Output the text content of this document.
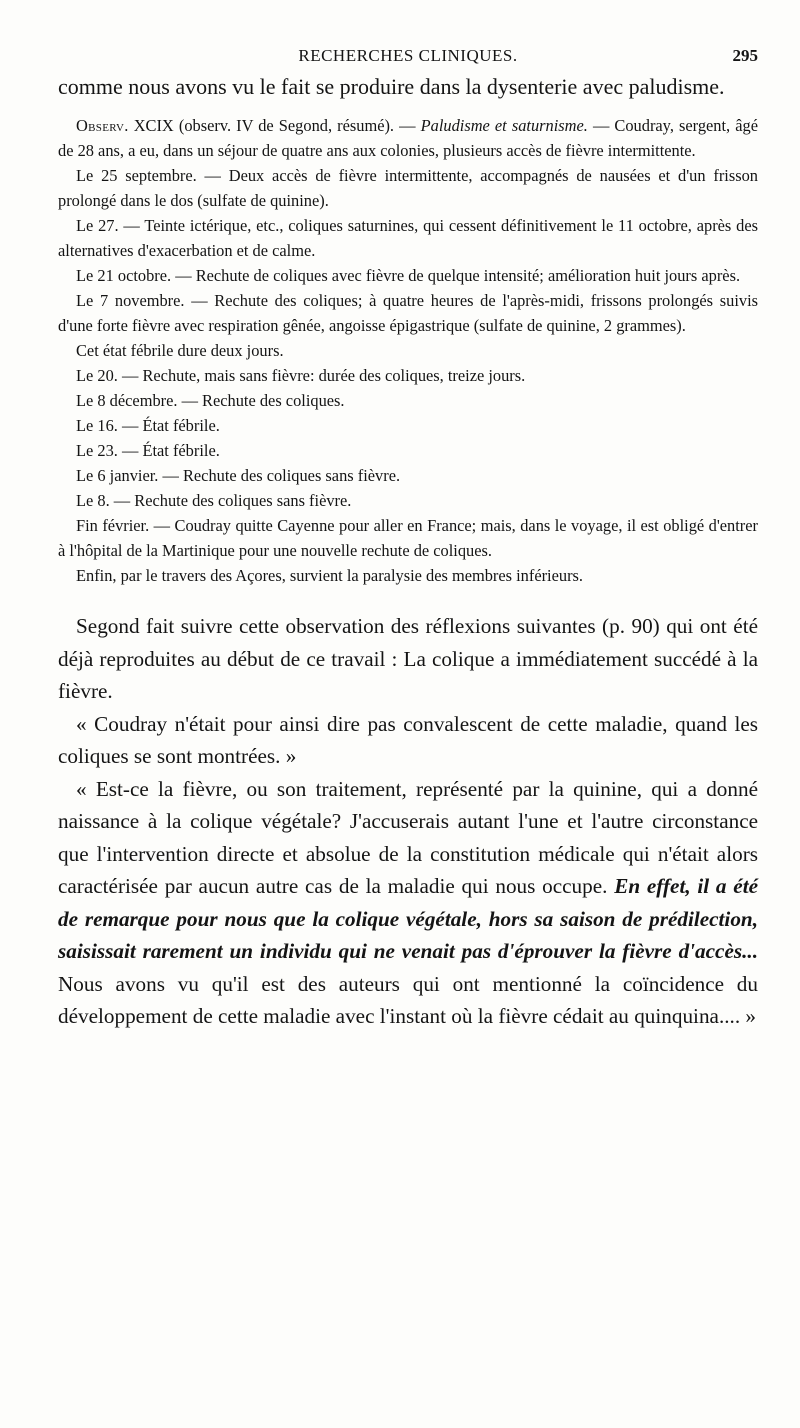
RECHERCHES CLINIQUES.	295

comme nous avons vu le fait se produire dans la dysenterie avec paludisme.

Observ. XCIX (observ. IV de Segond, résumé). — Paludisme et saturnisme. — Coudray, sergent, âgé de 28 ans, a eu, dans un séjour de quatre ans aux colonies, plusieurs accès de fièvre intermittente.

Le 25 septembre. — Deux accès de fièvre intermittente, accompagnés de nausées et d'un frisson prolongé dans le dos (sulfate de quinine).

Le 27. — Teinte ictérique, etc., coliques saturnines, qui cessent définitivement le 11 octobre, après des alternatives d'exacerbation et de calme.

Le 21 octobre. — Rechute de coliques avec fièvre de quelque intensité; amélioration huit jours après.

Le 7 novembre. — Rechute des coliques; à quatre heures de l'après-midi, frissons prolongés suivis d'une forte fièvre avec respiration gênée, angoisse épigastrique (sulfate de quinine, 2 grammes).

Cet état fébrile dure deux jours.

Le 20. — Rechute, mais sans fièvre: durée des coliques, treize jours.

Le 8 décembre. — Rechute des coliques.

Le 16. — État fébrile.

Le 23. — État fébrile.

Le 6 janvier. — Rechute des coliques sans fièvre.

Le 8. — Rechute des coliques sans fièvre.

Fin février. — Coudray quitte Cayenne pour aller en France; mais, dans le voyage, il est obligé d'entrer à l'hôpital de la Martinique pour une nouvelle rechute de coliques.

Enfin, par le travers des Açores, survient la paralysie des membres inférieurs.

Segond fait suivre cette observation des réflexions suivantes (p. 90) qui ont été déjà reproduites au début de ce travail : La colique a immédiatement succédé à la fièvre.

« Coudray n'était pour ainsi dire pas convalescent de cette maladie, quand les coliques se sont montrées. »

« Est-ce la fièvre, ou son traitement, représenté par la quinine, qui a donné naissance à la colique végétale? J'accuserais autant l'une et l'autre circonstance que l'intervention directe et absolue de la constitution médicale qui n'était alors caractérisée par aucun autre cas de la maladie qui nous occupe. En effet, il a été de remarque pour nous que la colique végétale, hors sa saison de prédilection, saisissait rarement un individu qui ne venait pas d'éprouver la fièvre d'accès... Nous avons vu qu'il est des auteurs qui ont mentionné la coïncidence du développement de cette maladie avec l'instant où la fièvre cédait au quinquina.... »
